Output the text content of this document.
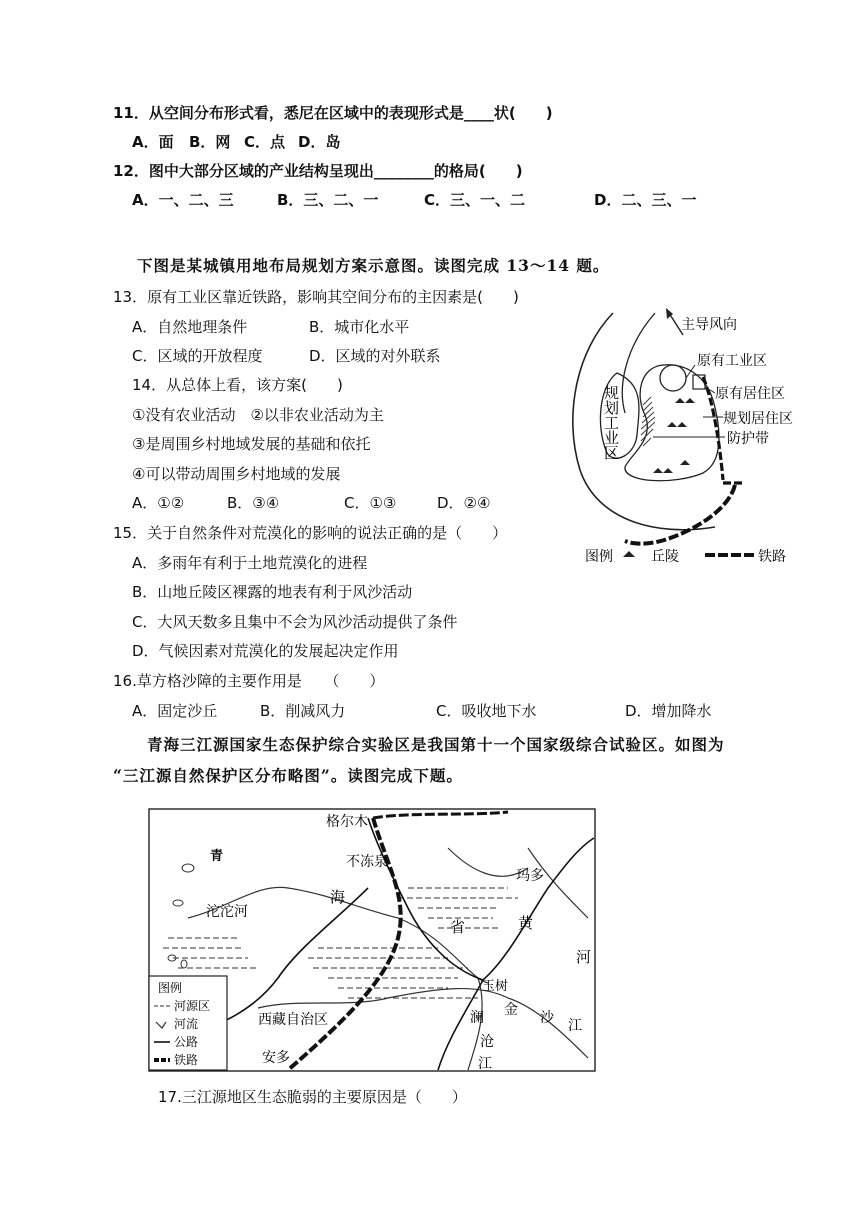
11．从空间分布形式看，悉尼在区域中的表现形式是____状(　　)
A．面 B．网 C．点 D．岛
12．图中大部分区域的产业结构呈现出________的格局(　　)
A．一、二、三	B．三、二、一	C．三、一、二	D．二、三、一
下图是某城镇用地布局规划方案示意图。读图完成 13～14 题。
13．原有工业区靠近铁路，影响其空间分布的主因素是(　　)
A．自然地理条件	B．城市化水平
C．区域的开放程度	D．区域的对外联系
14．从总体上看，该方案(　　)
①没有农业活动　②以非农业活动为主
③是周围乡村地域发展的基础和依托
④可以带动周围乡村地域的发展
A．①②	B．③④	C．①③	D．②④
15．关于自然条件对荒漠化的影响的说法正确的是（　　）
A．多雨年有利于土地荒漠化的进程
B．山地丘陵区裸露的地表有利于风沙活动
C．大风天数多且集中不会为风沙活动提供了条件
D．气候因素对荒漠化的发展起决定作用
16.草方格沙障的主要作用是　　（　　）
A．固定沙丘	B．削减风力	C．吸收地下水	D．增加降水
青海三江源国家生态保护综合实验区是我国第十一个国家级综合试验区。如图为
“三江源自然保护区分布略图”。读图完成下题。
17.三江源地区生态脆弱的主要原因是（　　）
主导风向
原有工业区
原有居住区
规划居住区
防护带
规划工业区
图例	丘陵	铁路
格尔木
不冻泉
玛多
沱沱河
海
省	黄
河
青
玉树
金 沙 江
澜
沧
江
西藏自治区
安多
图例
河源区
河流
公路
铁路
